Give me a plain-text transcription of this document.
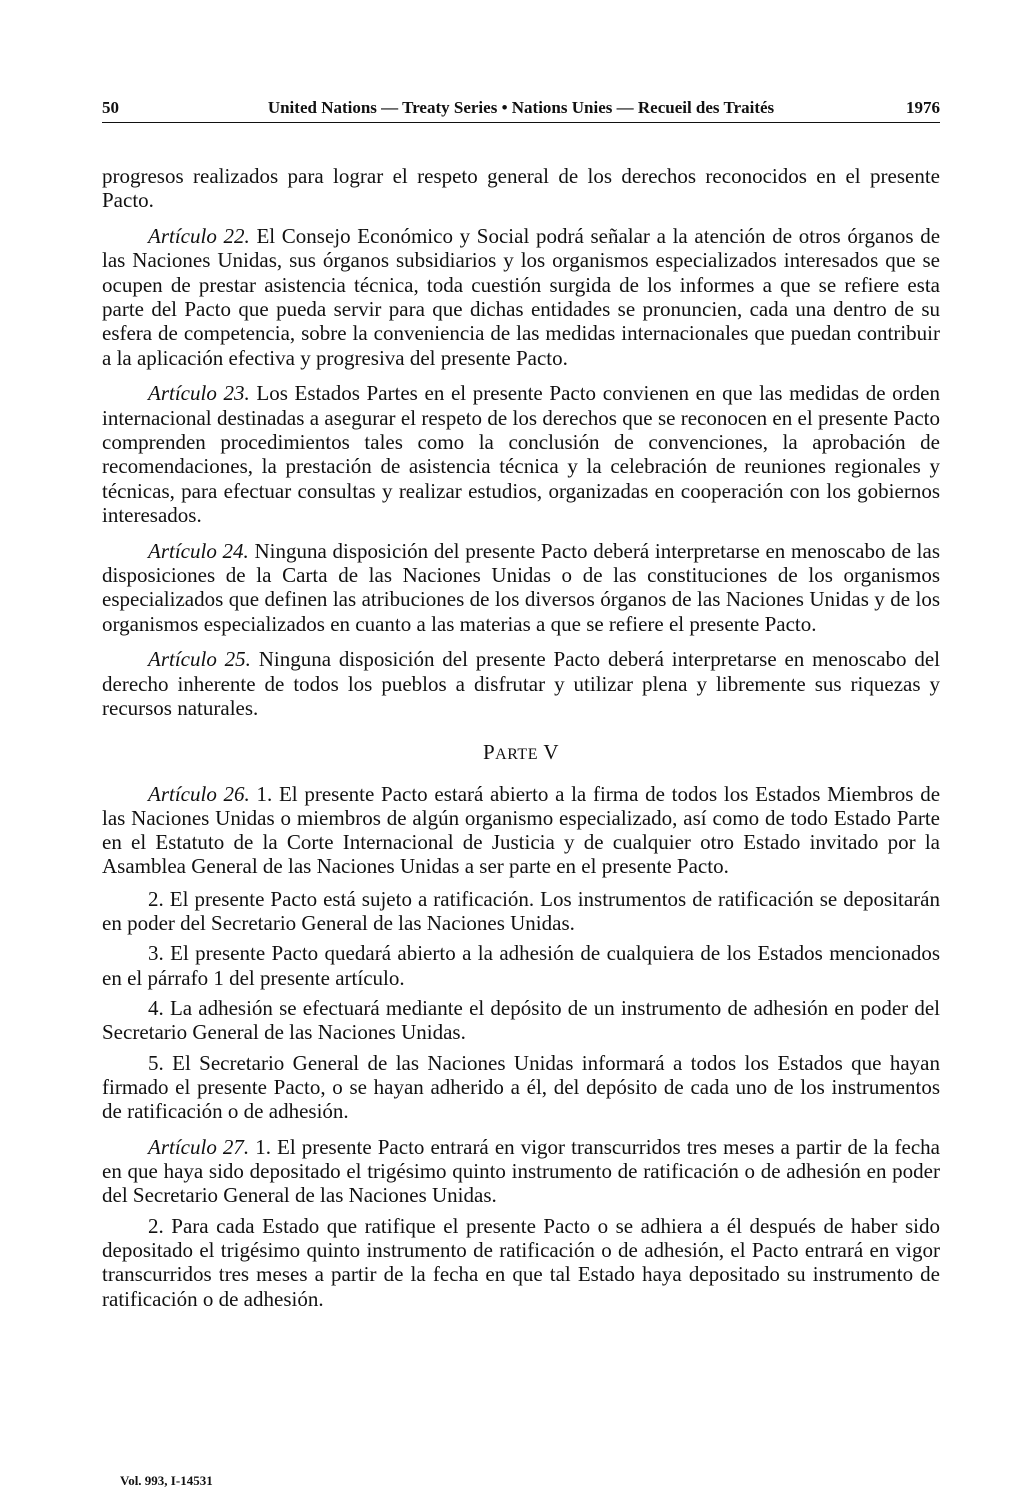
50	United Nations — Treaty Series • Nations Unies — Recueil des Traités	1976

progresos realizados para lograr el respeto general de los derechos reconocidos en el presente Pacto.

Artículo 22. El Consejo Económico y Social podrá señalar a la atención de otros órganos de las Naciones Unidas, sus órganos subsidiarios y los organismos especializados interesados que se ocupen de prestar asistencia técnica, toda cuestión surgida de los informes a que se refiere esta parte del Pacto que pueda servir para que dichas entidades se pronuncien, cada una dentro de su esfera de competencia, sobre la conveniencia de las medidas internacionales que puedan contribuir a la aplicación efectiva y progresiva del presente Pacto.

Artículo 23. Los Estados Partes en el presente Pacto convienen en que las medidas de orden internacional destinadas a asegurar el respeto de los derechos que se reconocen en el presente Pacto comprenden procedimientos tales como la conclusión de convenciones, la aprobación de recomendaciones, la prestación de asistencia técnica y la celebración de reuniones regionales y técnicas, para efectuar consultas y realizar estudios, organizadas en cooperación con los gobiernos interesados.

Artículo 24. Ninguna disposición del presente Pacto deberá interpretarse en menoscabo de las disposiciones de la Carta de las Naciones Unidas o de las constituciones de los organismos especializados que definen las atribuciones de los diversos órganos de las Naciones Unidas y de los organismos especializados en cuanto a las materias a que se refiere el presente Pacto.

Artículo 25. Ninguna disposición del presente Pacto deberá interpretarse en menoscabo del derecho inherente de todos los pueblos a disfrutar y utilizar plena y libremente sus riquezas y recursos naturales.

PARTE V

Artículo 26. 1. El presente Pacto estará abierto a la firma de todos los Estados Miembros de las Naciones Unidas o miembros de algún organismo especializado, así como de todo Estado Parte en el Estatuto de la Corte Internacional de Justicia y de cualquier otro Estado invitado por la Asamblea General de las Naciones Unidas a ser parte en el presente Pacto.

2. El presente Pacto está sujeto a ratificación. Los instrumentos de ratificación se depositarán en poder del Secretario General de las Naciones Unidas.

3. El presente Pacto quedará abierto a la adhesión de cualquiera de los Estados mencionados en el párrafo 1 del presente artículo.

4. La adhesión se efectuará mediante el depósito de un instrumento de adhesión en poder del Secretario General de las Naciones Unidas.

5. El Secretario General de las Naciones Unidas informará a todos los Estados que hayan firmado el presente Pacto, o se hayan adherido a él, del depósito de cada uno de los instrumentos de ratificación o de adhesión.

Artículo 27. 1. El presente Pacto entrará en vigor transcurridos tres meses a partir de la fecha en que haya sido depositado el trigésimo quinto instrumento de ratificación o de adhesión en poder del Secretario General de las Naciones Unidas.

2. Para cada Estado que ratifique el presente Pacto o se adhiera a él después de haber sido depositado el trigésimo quinto instrumento de ratificación o de adhesión, el Pacto entrará en vigor transcurridos tres meses a partir de la fecha en que tal Estado haya depositado su instrumento de ratificación o de adhesión.

Vol. 993, I-14531
